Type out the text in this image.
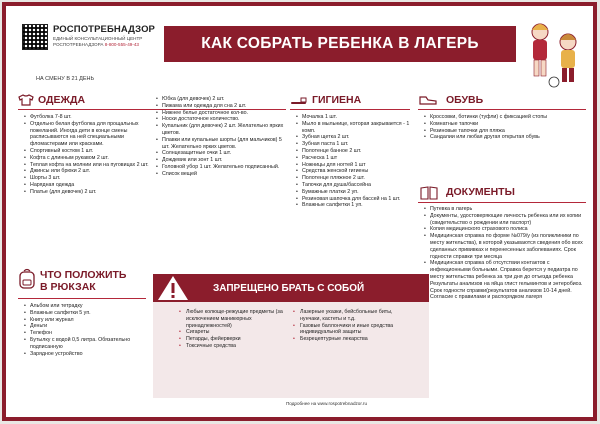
РОСПОТРЕБНАДЗОР
ЕДИНЫЙ КОНСУЛЬТАЦИОННЫЙ ЦЕНТР РОСПОТРЕБНАДЗОРА 8-800-555-49-43
НА СМЕНУ В 21 ДЕНЬ
КАК СОБРАТЬ РЕБЕНКА В ЛАГЕРЬ
ОДЕЖДА
• Футболка 7-8 шт.
• Отдельно белая футболка для прощальных пожеланий. Иногда дети в конце смены расписываются на ней специальными фломастерами или красками.
• Спортивный костюм 1 шт.
• Кофта с длинным рукавом 2 шт.
• Теплая кофта на молнии или на пуговицах 2 шт.
• Джинсы или брюки 2 шт.
• Шорты 3 шт.
• Нарядная одежда
• Платье (для девочек) 2 шт.
• Юбка (для девочек) 2 шт.
• Пижама или одежда для сна 2 шт.
• Нижнее белье достаточное кол-во.
• Носки достаточное количество.
• Купальник (для девочек) 2 шт. Желательно ярких цветов.
• Плавки или купальные шорты (для мальчиков) 5 шт. Желательно ярких цветов.
• Солнцезащитные очки 1 шт.
• Дождевик или зонт 1 шт.
• Головной убор 1 шт. Желательно подписанный.
• Список вещей
ГИГИЕНА
• Мочалка 1 шт.
• Мыло в мыльнице, которая закрывается - 1 комп.
• Зубная щетка 2 шт.
• Зубная паста 1 шт.
• Полотенце банное 2 шт.
• Расческа 1 шт
• Ножницы для ногтей 1 шт
• Средства женской гигиены
• Полотенце пляжное 2 шт.
• Тапочки для душа/бассейна
• Бумажные платки 2 уп.
• Резиновая шапочка для бассей на 1 шт.
• Влажные салфетки 1 уп.
ОБУВЬ
• Кроссовки, ботинки (туфли) с фиксацией стопы
• Комнатные тапочки
• Резиновые тапочки для пляжа
• Сандалии или любая другая открытая обувь
ДОКУМЕНТЫ
• Путевка в лагерь
• Документы, удостоверяющие личность ребенка или их копии (свидетельство о рождении или паспорт)
• Копия медицинского страхового полиса
• Медицинская справка по форме №079/у (из поликлиники по месту жительства), в которой указываются сведения обо всех сделанных прививках и перенесенных заболеваниях. Срок годности справки три месяца
• Медицинская справка об отсутствии контактов с инфекционными больными. Справка берется у педиатра по месту жительства ребенка за три дня до отъезда ребенка
• Результаты анализов на яйца глист гельминтов и энтеробиоз. Срок годности справки(результатов анализов 10-14 дней.
• Согласие с правилами и распорядком лагеря
ЧТО ПОЛОЖИТЬ
В РЮКЗАК
• Альбом или тетрадку
• Влажные салфетки 5 уп.
• Книгу или журнал
• Деньги
• Телефон
• Бутылку с водой 0,5 литра. Обязательно подписанную
• Зарядное устройство
ЗАПРЕЩЕНО БРАТЬ С СОБОЙ
• Любые колюще-режущие предметы (за исключением маникюрных принадлежностей)
• Сигареты
• Петарды, фейерверки
• Токсичные средства
• Лазерные указки, бейсбольные биты, нунчаки, кастеты и т.д.
• Газовые баллончики и иные средства индивидуальной защиты
• Безрецептурные лекарства
Подробнее на www.rospotrebnadzor.ru
